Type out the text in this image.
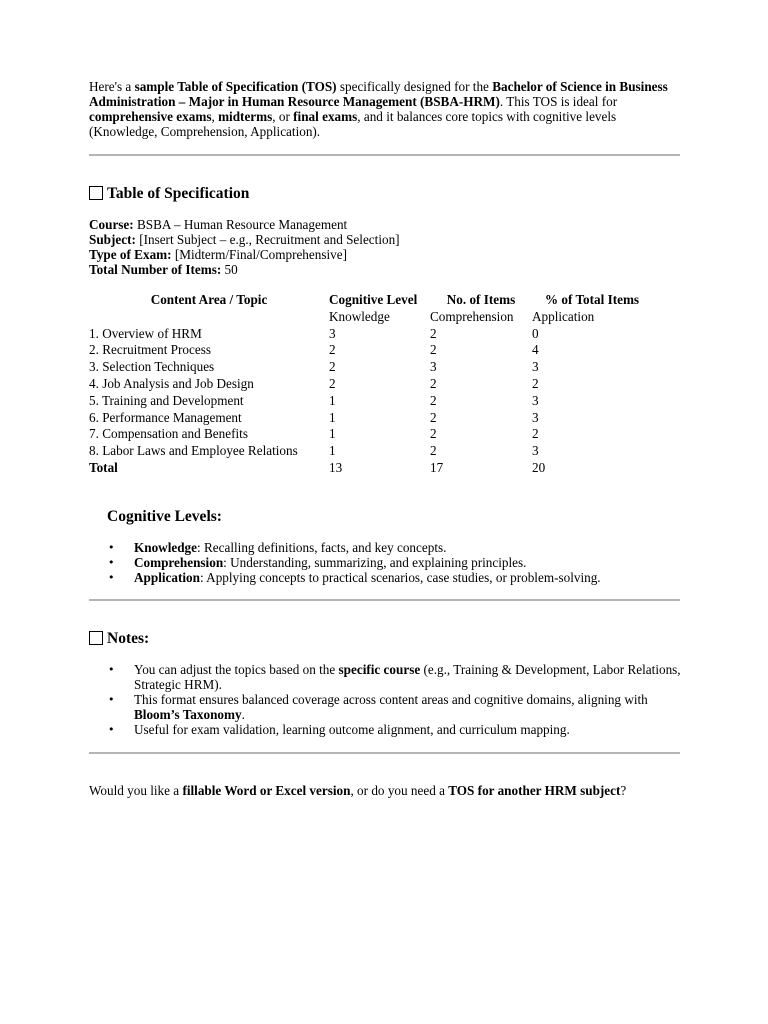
Here's a sample Table of Specification (TOS) specifically designed for the Bachelor of Science in Business Administration – Major in Human Resource Management (BSBA-HRM). This TOS is ideal for comprehensive exams, midterms, or final exams, and it balances core topics with cognitive levels (Knowledge, Comprehension, Application).

Table of Specification
Course: BSBA – Human Resource Management
Subject: [Insert Subject – e.g., Recruitment and Selection]
Type of Exam: [Midterm/Final/Comprehensive]
Total Number of Items: 50
Content Area / Topic	Cognitive Level	No. of Items	% of Total Items
	Knowledge	Comprehension	Application
1. Overview of HRM	3	2	0
2. Recruitment Process	2	2	4
3. Selection Techniques	2	3	3
4. Job Analysis and Job Design	2	2	2
5. Training and Development	1	2	3
6. Performance Management	1	2	3
7. Compensation and Benefits	1	2	2
8. Labor Laws and Employee Relations	1	2	3
Total	13	17	20
Cognitive Levels:
• Knowledge: Recalling definitions, facts, and key concepts.
• Comprehension: Understanding, summarizing, and explaining principles.
• Application: Applying concepts to practical scenarios, case studies, or problem-solving.
Notes:
• You can adjust the topics based on the specific course (e.g., Training & Development, Labor Relations, Strategic HRM).
• This format ensures balanced coverage across content areas and cognitive domains, aligning with Bloom’s Taxonomy.
• Useful for exam validation, learning outcome alignment, and curriculum mapping.

Would you like a fillable Word or Excel version, or do you need a TOS for another HRM subject?
